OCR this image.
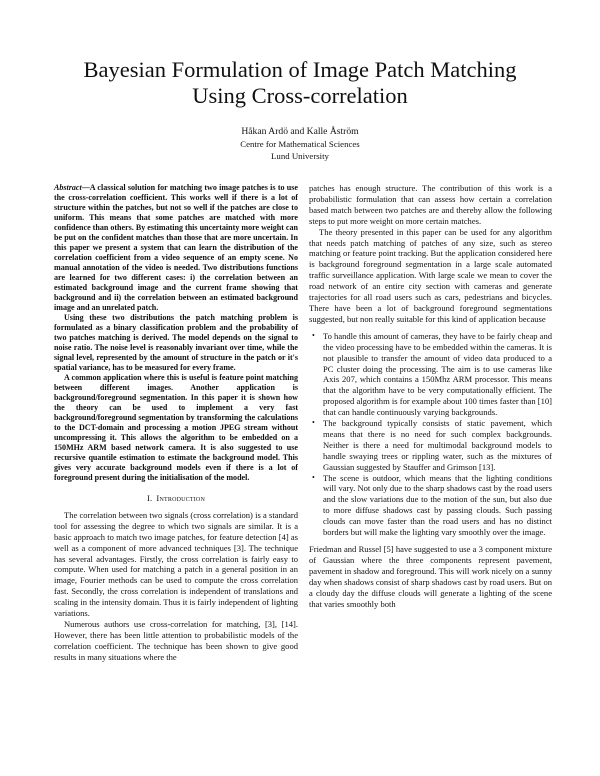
Bayesian Formulation of Image Patch Matching
Using Cross-correlation
Håkan Ardö and Kalle Åström
Centre for Mathematical Sciences
Lund University

Abstract—A classical solution for matching two image patches is to use the cross-correlation coefficient. This works well if there is a lot of structure within the patches, but not so well if the patches are close to uniform. This means that some patches are matched with more confidence than others. By estimating this uncertainty more weight can be put on the confident matches than those that are more uncertain. In this paper we present a system that can learn the distribution of the correlation coefficient from a video sequence of an empty scene. No manual annotation of the video is needed. Two distributions functions are learned for two different cases: i) the correlation between an estimated background image and the current frame showing that background and ii) the correlation between an estimated background image and an unrelated patch.

Using these two distributions the patch matching problem is formulated as a binary classification problem and the probability of two patches matching is derived. The model depends on the signal to noise ratio. The noise level is reasonably invariant over time, while the signal level, represented by the amount of structure in the patch or it's spatial variance, has to be measured for every frame.

A common application where this is useful is feature point matching between different images. Another application is background/foreground segmentation. In this paper it is shown how the theory can be used to implement a very fast background/foreground segmentation by transforming the calculations to the DCT-domain and processing a motion JPEG stream without uncompressing it. This allows the algorithm to be embedded on a 150MHz ARM based network camera. It is also suggested to use recursive quantile estimation to estimate the background model. This gives very accurate background models even if there is a lot of foreground present during the initialisation of the model.

I. Introduction

The correlation between two signals (cross correlation) is a standard tool for assessing the degree to which two signals are similar. It is a basic approach to match two image patches, for feature detection [4] as well as a component of more advanced techniques [3]. The technique has several advantages. Firstly, the cross correlation is fairly easy to compute. When used for matching a patch in a general position in an image, Fourier methods can be used to compute the cross correlation fast. Secondly, the cross correlation is independent of translations and scaling in the intensity domain. Thus it is fairly independent of lighting variations.

Numerous authors use cross-correlation for matching, [3], [14]. However, there has been little attention to probabilistic models of the correlation coefficient. The technique has been shown to give good results in many situations where the

patches has enough structure. The contribution of this work is a probabilistic formulation that can assess how certain a correlation based match between two patches are and thereby allow the following steps to put more weight on more certain matches.

The theory presented in this paper can be used for any algorithm that needs patch matching of patches of any size, such as stereo matching or feature point tracking. But the application considered here is background foreground segmentation in a large scale automated traffic surveillance application. With large scale we mean to cover the road network of an entire city section with cameras and generate trajectories for all road users such as cars, pedestrians and bicycles. There have been a lot of background foreground segmentations suggested, but non really suitable for this kind of application because

• To handle this amount of cameras, they have to be fairly cheap and the video processing have to be embedded within the cameras. It is not plausible to transfer the amount of video data produced to a PC cluster doing the processing. The aim is to use cameras like Axis 207, which contains a 150Mhz ARM processor. This means that the algorithm have to be very computationally efficient. The proposed algorithm is for example about 100 times faster than [10] that can handle continuously varying backgrounds.
• The background typically consists of static pavement, which means that there is no need for such complex backgrounds. Neither is there a need for multimodal background models to handle swaying trees or rippling water, such as the mixtures of Gaussian suggested by Stauffer and Grimson [13].
• The scene is outdoor, which means that the lighting conditions will vary. Not only due to the sharp shadows cast by the road users and the slow variations due to the motion of the sun, but also due to more diffuse shadows cast by passing clouds. Such passing clouds can move faster than the road users and has no distinct borders but will make the lighting vary smoothly over the image.

Friedman and Russel [5] have suggested to use a 3 component mixture of Gaussian where the three components represent pavement, pavement in shadow and foreground. This will work nicely on a sunny day when shadows consist of sharp shadows cast by road users. But on a cloudy day the diffuse clouds will generate a lighting of the scene that varies smoothly both
